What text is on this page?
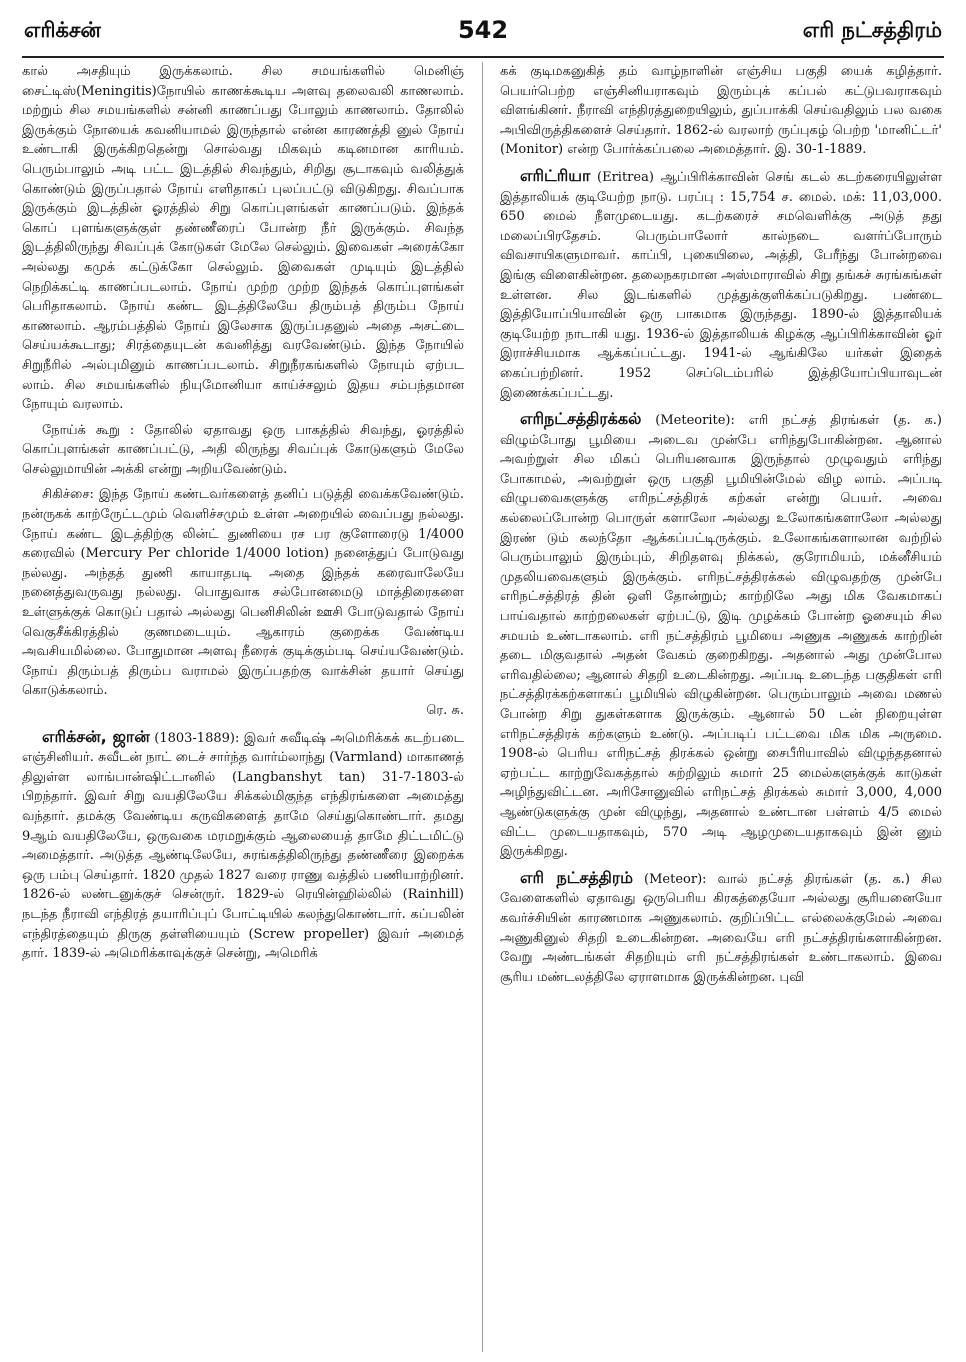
எரிக்சன்	542	எரி நட்சத்திரம்

கால் அசதியும் இருக்கலாம். சில சமயங்களில் மெனிஞ் சைட்டிஸ்(Meningitis)நோயில் காணக்கூடிய அளவு தலைவலி காணலாம். மற்றும் சில சமயங்களில் சன்னி காணப்பது போலும் காணலாம். தோலில் இருக்கும் நோயைக் கவனியாமல் இருந்தால் என்ன காரணத்தி னுல் நோய் உண்டாகி இருக்கிறதென்று சொல்வது மிகவும் கடினமான காரியம். பெரும்பாலும் அடி பட்ட இடத்தில் சிவந்தும், சிறிது சூடாகவும் வலித்துக் கொண்டும் இருப்பதால் நோய் எளிதாகப் புலப்பட்டு விடுகிறது. சிவப்பாக இருக்கும் இடத்தின் ஓரத்தில் சிறு கொப்புளங்கள் காணப்படும். இந்தக் கொப் புளங்களுக்குள் தண்ணீரைப் போன்ற நீர் இருக்கும். சிவந்த இடத்திலிருந்து சிவப்புக் கோடுகள் மேலே செல்லும். இவைகள் அரைக்கோ அல்லது கமுக் கட்டுக்கோ செல்லும். இவைகள் முடியும் இடத்தில் நெறிக்கட்டி காணப்படலாம். நோய் முற்ற முற்ற இந்தக் கொப்புளங்கள் பெரிதாகலாம். நோய் கண்ட இடத்திலேயே திரும்பத் திரும்ப நோய் காணலாம். ஆரம்பத்தில் நோய் இலேசாக இருப்பதனுல் அதை அசட்டை செய்யக்கூடாது; சிரத்தையுடன் கவனித்து வரவேண்டும். இந்த நோயில் சிறுநீரில் அல்புமினும் காணப்படலாம். சிறுநீரகங்களில் நோயும் ஏற்பட லாம். சில சமயங்களில் நியுமோனியா காய்ச்சலும் இதய சம்பந்தமான நோயும் வரலாம்.

நோய்க் கூறு : தோலில் ஏதாவது ஒரு பாகத்தில் சிவந்து, ஓரத்தில் கொப்புளங்கள் காணப்பட்டு, அதி லிருந்து சிவப்புக் கோடுகளும் மேலே செல்லுமாயின் அக்கி என்று அறியவேண்டும்.

சிகிச்சை: இந்த நோய் கண்டவர்களைத் தனிப் படுத்தி வைக்கவேண்டும். நன்ருகக் காற்ருேட்டமும் வெளிச்சமும் உள்ள அறையில் வைப்பது நல்லது. நோய் கண்ட இடத்திற்கு லின்ட் துணியை ரச பர குளோரைடு 1/4000 கரைவில் (Mercury Per chloride 1/4000 lotion) நனைத்துப் போடுவது நல்லது. அந்தத் துணி காயாதபடி அதை இந்தக் கரைவாலேயே நனைத்துவருவது நல்லது. பொதுவாக சல்போனமைடு மாத்திரைகளை உள்ளுக்குக் கொடுப் பதால் அல்லது பெனிசிலின் ஊசி போடுவதால் நோய் வெகுசீக்கிரத்தில் குணமடையும். ஆகாரம் குறைக்க வேண்டிய அவசியமில்லை. போதுமான அளவு நீரைக் குடிக்கும்படி செய்யவேண்டும். நோய் திரும்பத் திரும்ப வராமல் இருப்பதற்கு வாக்சின் தயார் செய்து கொடுக்கலாம்.
ரெ. சு.

எரிக்சன், ஜான் (1803-1889): இவர் சுவீடிஷ் அமெரிக்கக் கடற்படை எஞ்சினியர். சுவீடன் நாட் டைச் சார்ந்த வார்ம்லாந்து (Varmland) மாகாணத் திலுள்ள லாங்பான்ஷிட்டானில் (Langbanshyt tan) 31-7-1803-ல் பிறந்தார். இவர் சிறு வயதிலேயே சிக்கல்மிகுந்த எந்திரங்களை அமைத்து வந்தார். தமக்கு வேண்டிய கருவிகளைத் தாமே செய்துகொண்டார். தமது 9ஆம் வயதிலேயே, ஒருவகை மரமறுக்கும் ஆலையைத் தாமே திட்டமிட்டு அமைத்தார். அடுத்த ஆண்டிலேயே, சுரங்கத்திலிருந்து தண்ணீரை இறைக்க ஒரு பம்பு செய்தார். 1820 முதல் 1827 வரை ராணு வத்தில் பணியாற்றினர். 1826-ல் லண்டனுக்குச் சென்ருர். 1829-ல் ரெயின்ஹில்லில் (Rainhill) நடந்த நீராவி எந்திரத் தயாரிப்புப் போட்டியில் கலந்துகொண்டார். கப்பலின் எந்திரத்தையும் திருகு தள்ளியையும் (Screw propeller) இவர் அமைத் தார். 1839-ல் அமெரிக்காவுக்குச் சென்று, அமெரிக்

கக் குடிமகனுகித் தம் வாழ்நாளின் எஞ்சிய பகுதி யைக் கழித்தார். பெயர்பெற்ற எஞ்சினியராகவும் இரும்புக் கப்பல் கட்டுபவராகவும் விளங்கினர். நீராவி எந்திரத்துறையிலும், துப்பாக்கி செய்வதிலும் பல வகை அபிவிருத்திகளைச் செய்தார். 1862-ல் வரலாற் ருப்புகழ் பெற்ற 'மானிட்டர்' (Monitor) என்ற போர்க்கப்பலை அமைத்தார். இ. 30-1-1889.

எரிட்ரியா (Eritrea) ஆப்பிரிக்காவின் செங் கடல் கடற்கரையிலுள்ள இத்தாலியக் குடியேற்ற நாடு. பரப்பு : 15,754 ச. மைல். மக்: 11,03,000. 650 மைல் நீளமுடையது. கடற்கரைச் சமவெளிக்கு அடுத் தது மலைப்பிரதேசம். பெரும்பாலோர் கால்நடை வளர்ப்போரும் விவசாயிகளுமாவர். காப்பி, புகையிலை, அத்தி, பேரீந்து போன்றவை இங்கு விளைகின்றன. தலைநகரமான அஸ்மாராவில் சிறு தங்கச் சுரங்கங்கள் உள்ளன. சில இடங்களில் முத்துக்குளிக்கப்படுகிறது. பண்டை இத்தியோப்பியாவின் ஒரு பாகமாக இருந்தது. 1890-ல் இத்தாலியக் குடியேற்ற நாடாகி யது. 1936-ல் இத்தாலியக் கிழக்கு ஆப்பிரிக்காவின் ஓர் இராச்சியமாக ஆக்கப்பட்டது. 1941-ல் ஆங்கிலே யர்கள் இதைக் கைப்பற்றினர். 1952 செப்டெம்பரில் இத்தியோப்பியாவுடன் இணைக்கப்பட்டது.

எரிநட்சத்திரக்கல் (Meteorite): எரி நட்சத் திரங்கள் (த. க.) விழும்போது பூமியை அடைவ முன்பே எரிந்துபோகின்றன. ஆனால் அவற்றுள் சில மிகப் பெரியனவாக இருந்தால் முழுவதும் எரிந்து போகாமல், அவற்றுள் ஒரு பகுதி பூமியின்மேல் விழ லாம். அப்படி விழுபவைகளுக்கு எரிநட்சத்திரக் கற்கள் என்று பெயர். அவை கல்லைப்போன்ற பொருள் களாலோ அல்லது உலோகங்களாலோ அல்லது இரண் டும் கலந்தோ ஆக்கப்பட்டிருக்கும். உலோகங்களாலான வற்றில் பெரும்பாலும் இரும்பும், சிறிதளவு நிக்கல், குரோமியம், மக்னீசியம் முதலியவைகளும் இருக்கும். எரிநட்சத்திரக்கல் விழுவதற்கு முன்பே எரிநட்சத்திரத் தின் ஒளி தோன்றும்; காற்றிலே அது மிக வேகமாகப் பாய்வதால் காற்றலைகள் ஏற்பட்டு, இடி முழக்கம் போன்ற ஓசையும் சில சமயம் உண்டாகலாம். எரி நட்சத்திரம் பூமியை அணுக அணுகக் காற்றின் தடை மிகுவதால் அதன் வேகம் குறைகிறது. அதனால் அது முன்போல எரிவதில்லை; ஆனால் சிதறி உடைகின்றது. அப்படி உடைந்த பகுதிகள் எரி நட்சத்திரக்கற்களாகப் பூமியில் விழுகின்றன. பெரும்பாலும் அவை மணல் போன்ற சிறு துகள்களாக இருக்கும். ஆனால் 50 டன் நிறையுள்ள எரிநட்சத்திரக் கற்களும் உண்டு. அப்படிப் பட்டவை மிக மிக அருமை. 1908-ல் பெரிய எரிநட்சத் திரக்கல் ஒன்று சைபீரியாவில் விழுந்ததனால் ஏற்பட்ட காற்றுவேகத்தால் சுற்றிலும் சுமார் 25 மைல்களுக்குக் காடுகள் அழிந்துவிட்டன. அரிசோனுவில் எரிநட்சத் திரக்கல் சுமார் 3,000, 4,000 ஆண்டுகளுக்கு முன் விழுந்து, அதனால் உண்டான பள்ளம் 4/5 மைல் விட்ட முடையதாகவும், 570 அடி ஆழமுடையதாகவும் இன் னும் இருக்கிறது.

எரி நட்சத்திரம் (Meteor): வால் நட்சத் திரங்கள் (த. க.) சில வேளைகளில் ஏதாவது ஒருபெரிய கிரகத்தையோ அல்லது சூரியனையோ கவர்ச்சியின் காரணமாக அணுகலாம். குறிப்பிட்ட எல்லைக்குமேல் அவை அணுகினுல் சிதறி உடைகின்றன. அவையே எரி நட்சத்திரங்களாகின்றன. வேறு அண்டங்கள் சிதறியும் எரி நட்சத்திரங்கள் உண்டாகலாம். இவை சூரிய மண்டலத்திலே ஏராளமாக இருக்கின்றன. புவி
